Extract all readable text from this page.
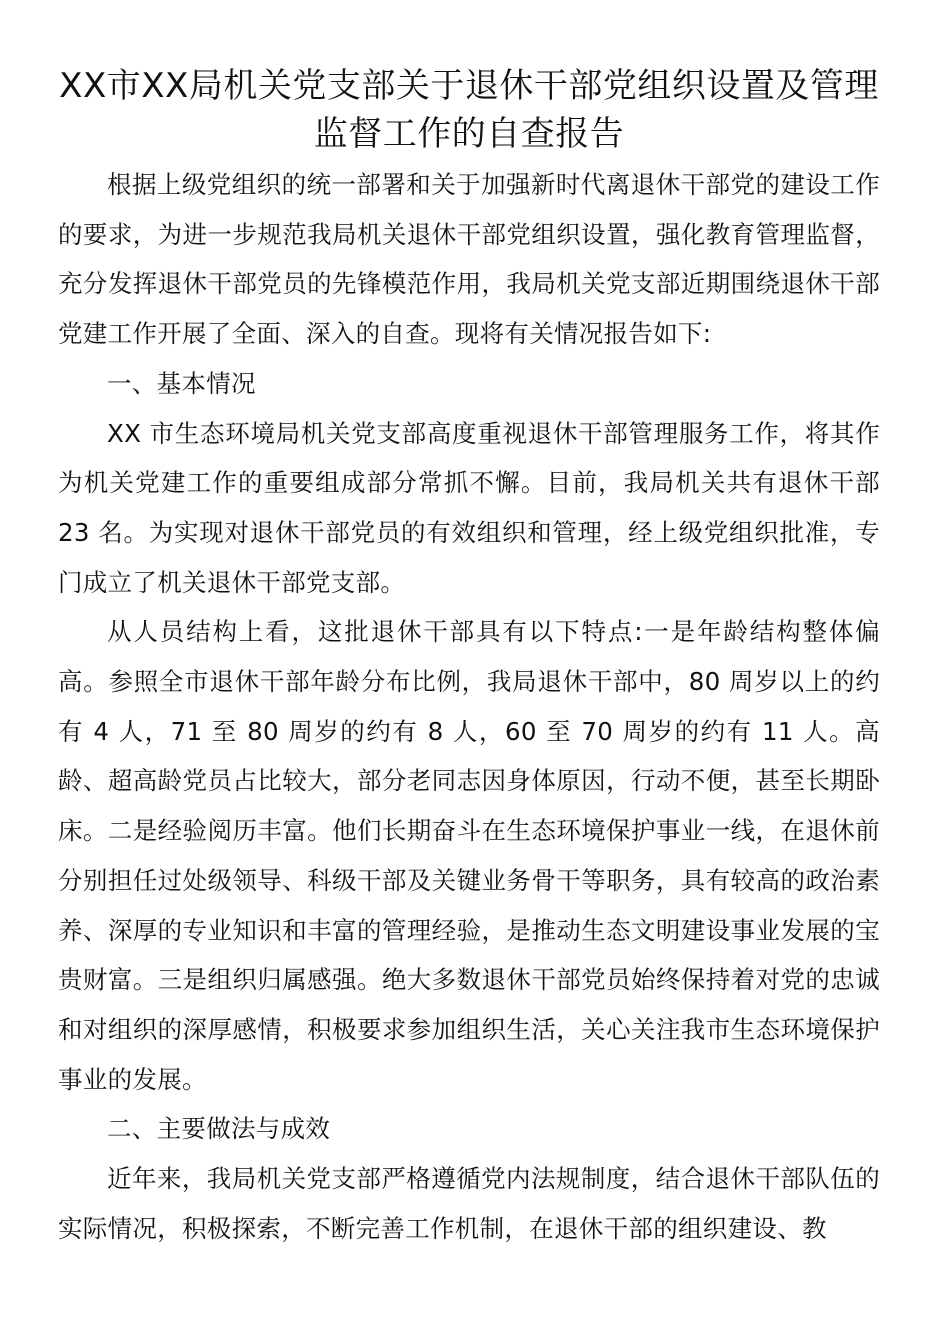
XX市XX局机关党支部关于退休干部党组织设置及管理监督工作的自查报告

根据上级党组织的统一部署和关于加强新时代离退休干部党的建设工作的要求，为进一步规范我局机关退休干部党组织设置，强化教育管理监督，充分发挥退休干部党员的先锋模范作用，我局机关党支部近期围绕退休干部党建工作开展了全面、深入的自查。现将有关情况报告如下:

一、基本情况

XX 市生态环境局机关党支部高度重视退休干部管理服务工作，将其作为机关党建工作的重要组成部分常抓不懈。目前，我局机关共有退休干部 23 名。为实现对退休干部党员的有效组织和管理，经上级党组织批准，专门成立了机关退休干部党支部。

从人员结构上看，这批退休干部具有以下特点:一是年龄结构整体偏高。参照全市退休干部年龄分布比例，我局退休干部中，80 周岁以上的约有 4 人，71 至 80 周岁的约有 8 人，60 至 70 周岁的约有 11 人。高龄、超高龄党员占比较大，部分老同志因身体原因，行动不便，甚至长期卧床。二是经验阅历丰富。他们长期奋斗在生态环境保护事业一线，在退休前分别担任过处级领导、科级干部及关键业务骨干等职务，具有较高的政治素养、深厚的专业知识和丰富的管理经验，是推动生态文明建设事业发展的宝贵财富。三是组织归属感强。绝大多数退休干部党员始终保持着对党的忠诚和对组织的深厚感情，积极要求参加组织生活，关心关注我市生态环境保护事业的发展。

二、主要做法与成效

近年来，我局机关党支部严格遵循党内法规制度，结合退休干部队伍的实际情况，积极探索，不断完善工作机制，在退休干部的组织建设、教
